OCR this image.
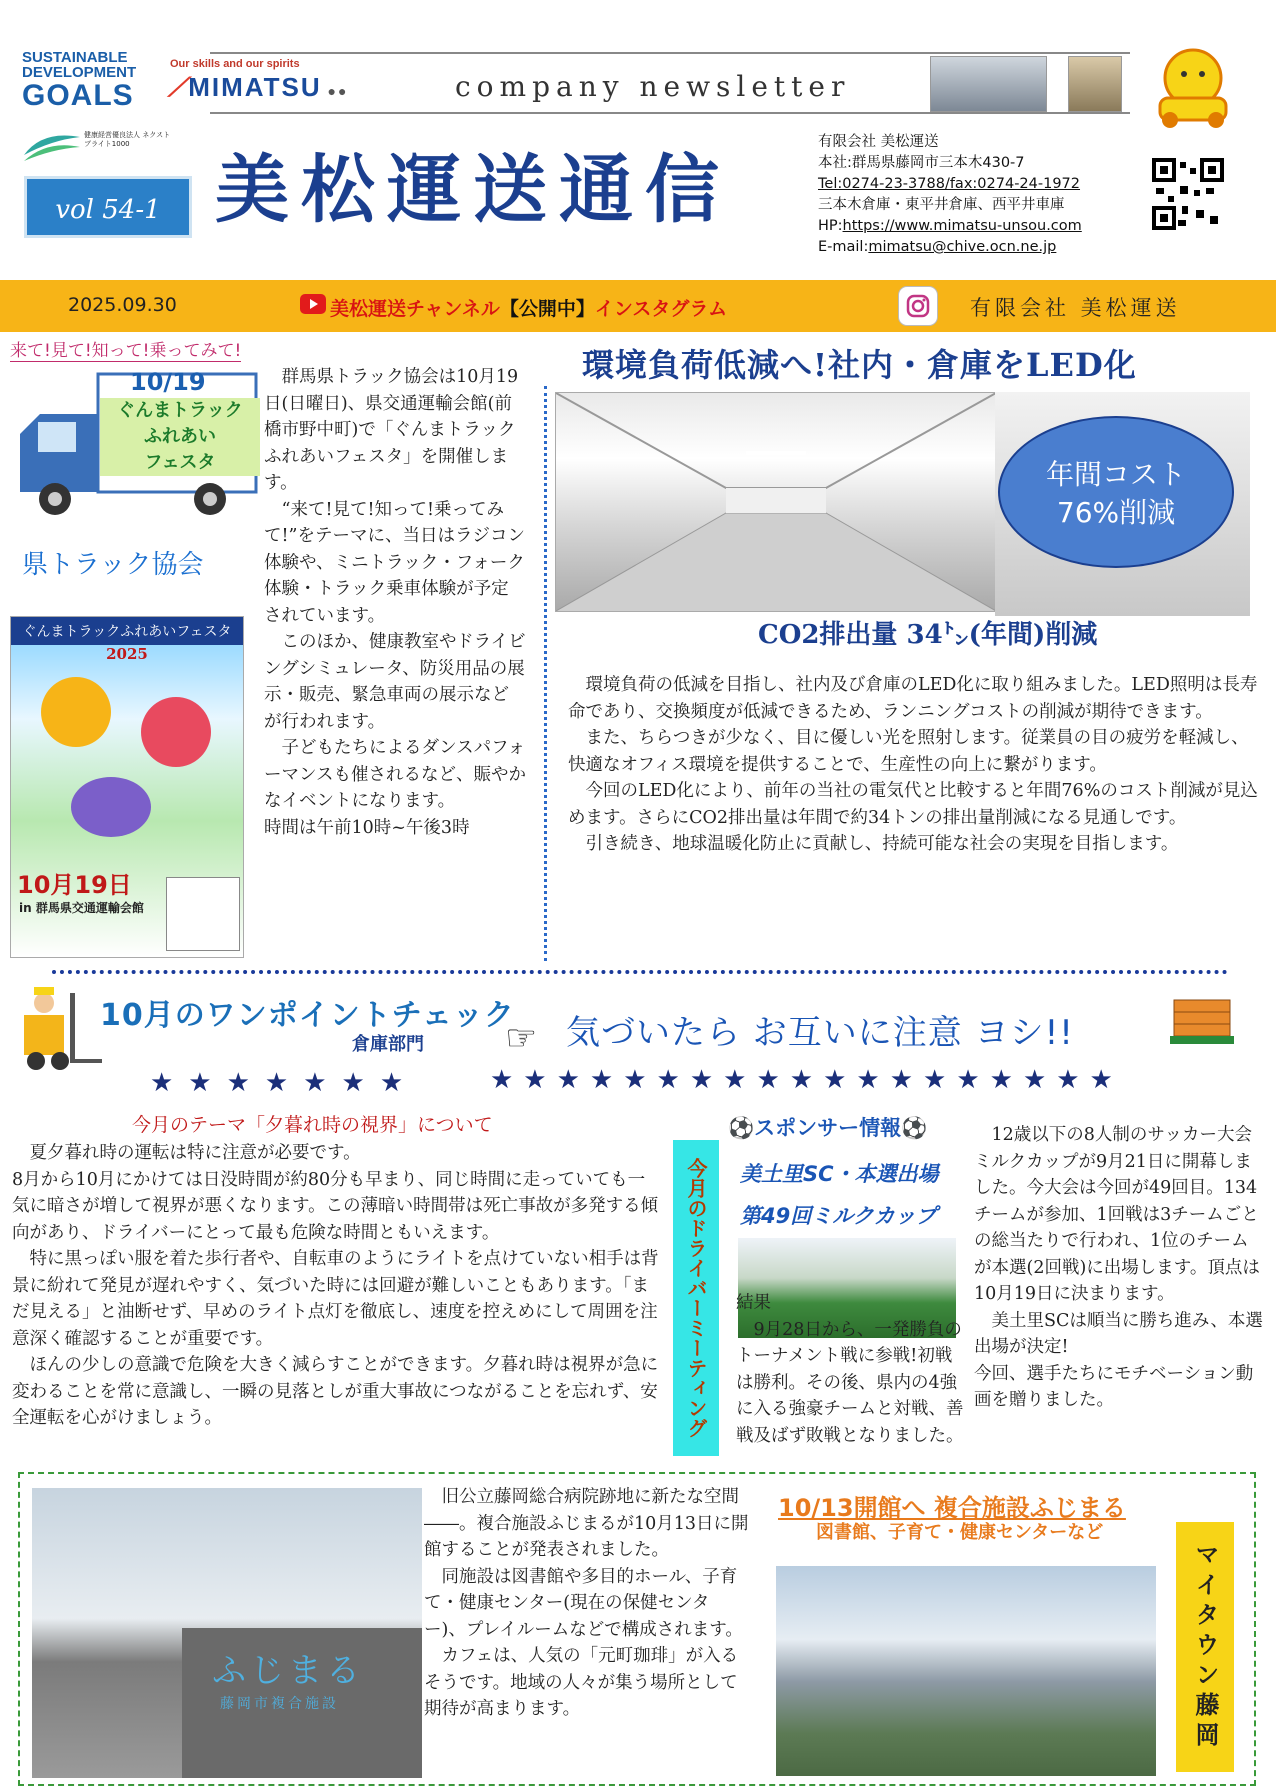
SUSTAINABLE
DEVELOPMENT
GOALS
健康経営優良法人 ネクストブライト1000
vol 54-1
Our skills and our spirits
⟋MIMATSU ●●	company newsletter
美松運送通信
有限会社 美松運送
本社:群馬県藤岡市三本木430-7
Tel:0274-23-3788/fax:0274-24-1972
三本木倉庫・東平井倉庫、西平井車庫
HP:https://www.mimatsu-unsou.com
E-mail:mimatsu@chive.ocn.ne.jp
2025.09.30	美松運送チャンネル【公開中】インスタグラム	有限会社 美松運送
来て!見て!知って!乗ってみて!
10/19
ぐんまトラック
ふれあい
フェスタ
県トラック協会
ぐんまトラックふれあいフェスタ
2025
10月19日
in 群馬県交通運輸会館
　群馬県トラック協会は10月19日(日曜日)、県交通運輸会館(前橋市野中町)で「ぐんまトラックふれあいフェスタ」を開催します。
　“来て!見て!知って!乗ってみて!”をテーマに、当日はラジコン体験や、ミニトラック・フォーク体験・トラック乗車体験が予定されています。
　このほか、健康教室やドライビングシミュレータ、防災用品の展示・販売、緊急車両の展示などが行われます。
　子どもたちによるダンスパフォーマンスも催されるなど、賑やかなイベントになります。
時間は午前10時~午後3時
環境負荷低減へ!社内・倉庫をLED化
年間コスト
76%削減
CO2排出量 34㌧(年間)削減
　環境負荷の低減を目指し、社内及び倉庫のLED化に取り組みました。LED照明は長寿命であり、交換頻度が低減できるため、ランニングコストの削減が期待できます。
　また、ちらつきが少なく、目に優しい光を照射します。従業員の目の疲労を軽減し、快適なオフィス環境を提供することで、生産性の向上に繋がります。
　今回のLED化により、前年の当社の電気代と比較すると年間76%のコスト削減が見込めます。さらにCO2排出量は年間で約34トンの排出量削減になる見通しです。
　引き続き、地球温暖化防止に貢献し、持続可能な社会の実現を目指します。
10月のワンポイントチェック
倉庫部門 ☞ 気づいたら お互いに注意 ヨシ!!
★★★★★★★	★★★★★★★★★★★★★★★★★★★
今月のテーマ「夕暮れ時の視界」について
　夏夕暮れ時の運転は特に注意が必要です。
8月から10月にかけては日没時間が約80分も早まり、同じ時間に走っていても一気に暗さが増して視界が悪くなります。この薄暗い時間帯は死亡事故が多発する傾向があり、ドライバーにとって最も危険な時間ともいえます。
　特に黒っぽい服を着た歩行者や、自転車のようにライトを点けていない相手は背景に紛れて発見が遅れやすく、気づいた時には回避が難しいこともあります。「まだ見える」と油断せず、早めのライト点灯を徹底し、速度を控えめにして周囲を注意深く確認することが重要です。
　ほんの少しの意識で危険を大きく減らすことができます。夕暮れ時は視界が急に変わることを常に意識し、一瞬の見落としが重大事故につながることを忘れず、安全運転を心がけましょう。	今月のドライバーミーティング
⚽スポンサー情報⚽
美土里SC・本選出場
第49回ミルクカップ
結果
　9月28日から、一発勝負のトーナメント戦に参戦!初戦は勝利。その後、県内の4強に入る強豪チームと対戦、善戦及ばず敗戦となりました。
　12歳以下の8人制のサッカー大会ミルクカップが9月21日に開幕しました。今大会は今回が49回目。134チームが参加、1回戦は3チームごとの総当たりで行われ、1位のチームが本選(2回戦)に出場します。頂点は10月19日に決まります。
　美土里SCは順当に勝ち進み、本選出場が決定!
今回、選手たちにモチベーション動画を贈りました。
ふじまる
藤岡市複合施設
　旧公立藤岡総合病院跡地に新たな空間――。複合施設ふじまるが10月13日に開館することが発表されました。
　同施設は図書館や多目的ホール、子育て・健康センター(現在の保健センター)、プレイルームなどで構成されます。
　カフェは、人気の「元町珈琲」が入るそうです。地域の人々が集う場所として期待が高まります。
10/13開館へ 複合施設ふじまる
図書館、子育て・健康センターなど
マイタウン藤岡
